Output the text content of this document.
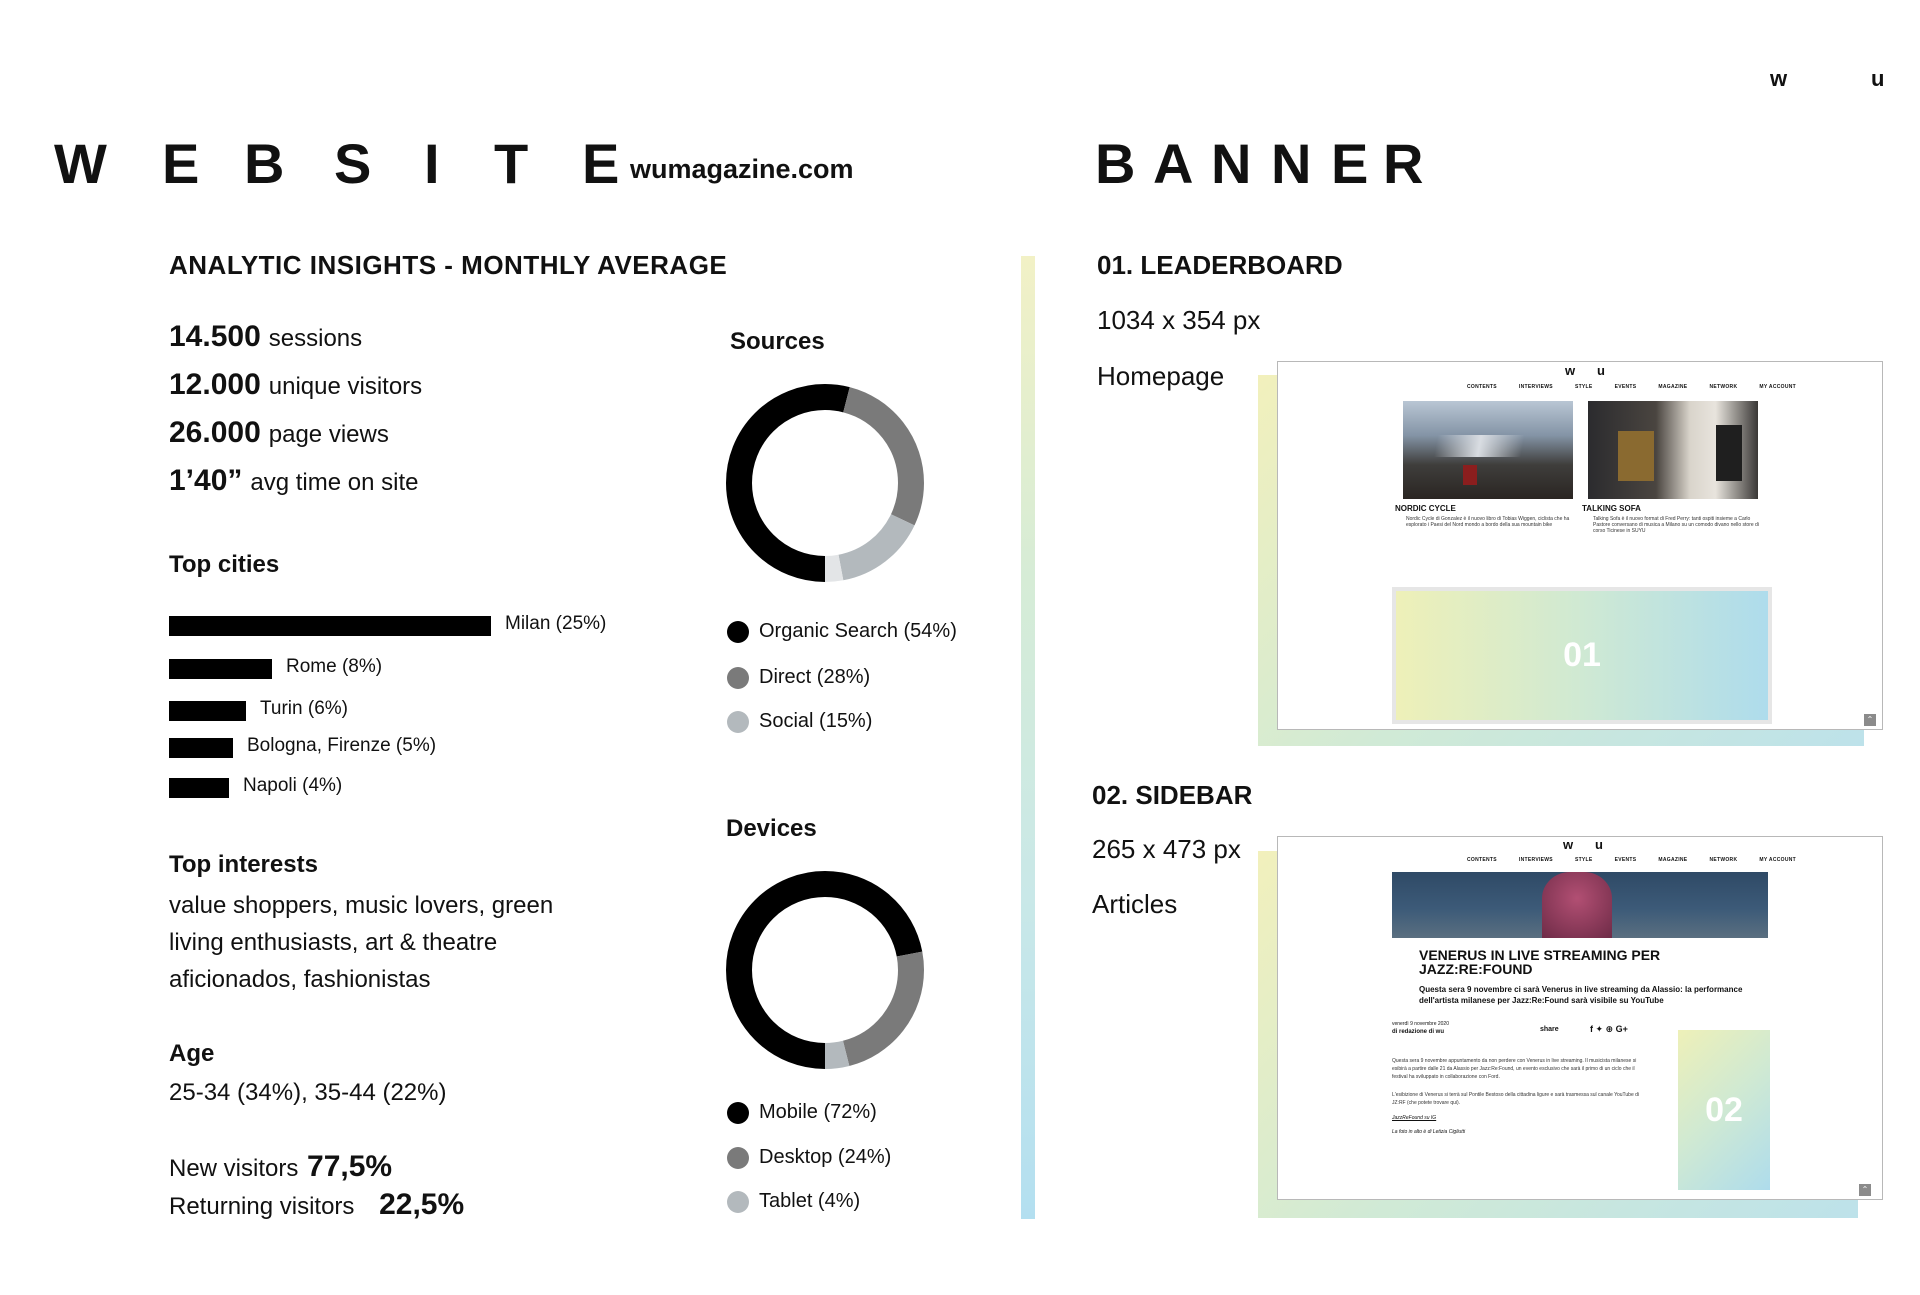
w	u
W E B S I T E wumagazine.com
ANALYTIC INSIGHTS - MONTHLY AVERAGE
14.500 sessions
12.000 unique visitors
26.000 page views
1’40” avg time on site
Top cities
Milan (25%)
Rome (8%)
Turin (6%)
Bologna, Firenze (5%)
Napoli (4%)
Top interests
value shoppers, music lovers, green
living enthusiasts, art & theatre
aficionados, fashionistas
Age
25-34 (34%), 35-44 (22%)
New visitors 77,5%
Returning visitors 22,5%
Sources
Organic Search (54%)
Direct (28%)
Social (15%)
Devices
Mobile (72%)
Desktop (24%)
Tablet (4%)
B A N N E R
01. LEADERBOARD
1034 x 354 px
Homepage	w u
CONTENTS	INTERVIEWS	STYLE	EVENTS	MAGAZINE	NETWORK	MY ACCOUNT
NORDIC CYCLE
Nordic Cycle di Gonzalez è il nuovo libro di Tobias Wiggen, ciclista che ha esplorato i Paesi del Nord mondo a bordo della sua mountain bike
TALKING SOFA
Talking Sofa è il nuovo format di Fred Perry: tanti ospiti insieme a Carlo Pastore conversano di musica a Milano su un comodo divano nello store di corso Ticinese in SUYU
01
⌃
02. SIDEBAR
265 x 473 px
Articles
w u
CONTENTS	INTERVIEWS	STYLE	EVENTS	MAGAZINE	NETWORK	MY ACCOUNT
VENERUS IN LIVE STREAMING PER JAZZ:RE:FOUND
Questa sera 9 novembre ci sarà Venerus in live streaming da Alassio: la performance dell'artista milanese per Jazz:Re:Found sarà visibile su YouTube
venerdì 9 novembre 2020
di redazione di wu	share	f ✦ ⊕ G+
Questa sera 9 novembre appuntamento da non perdere con Venerus in live streaming. Il musicista milanese si esibirà a partire dalle 21 da Alassio per Jazz:Re:Found, un evento esclusivo che sarà il primo di un ciclo che il festival ha sviluppato in collaborazione con Ford.
L'esibizione di Venerus si terrà sul Pontile Bestoso della cittadina ligure e sarà trasmessa sul canale YouTube di JZ:RF (che potete trovare qui).
JazzReFound su IG
La foto in alto è di Letizia Cigliutti
02
⌃
